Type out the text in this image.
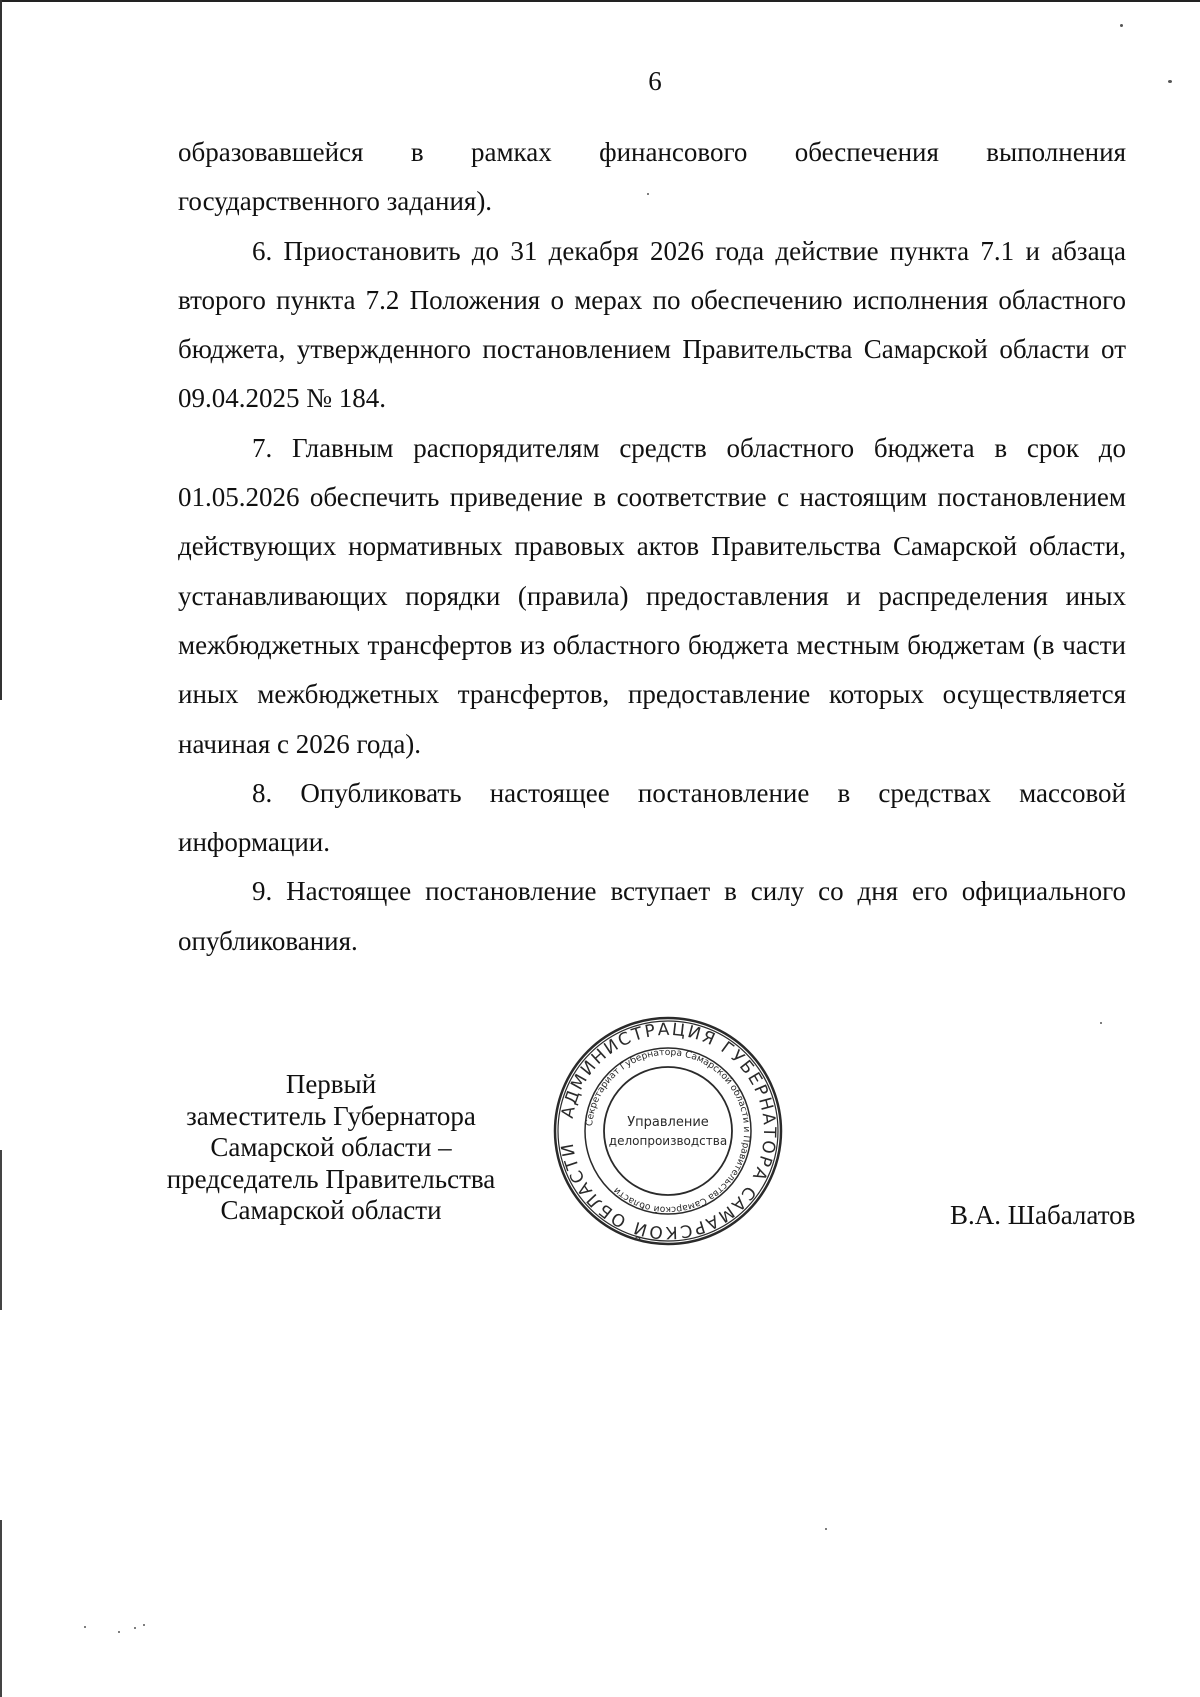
6

образовавшейся в рамках финансового обеспечения выполнения

государственного задания).

6. Приостановить до 31 декабря 2026 года действие пункта 7.1 и абзаца второго пункта 7.2 Положения о мерах по обеспечению исполнения областного бюджета, утвержденного постановлением Правительства Самарской области от 09.04.2025 № 184.

7. Главным распорядителям средств областного бюджета в срок до 01.05.2026 обеспечить приведение в соответствие с настоящим постановлением действующих нормативных правовых актов Правительства Самарской области, устанавливающих порядки (правила) предоставления и распределения иных межбюджетных трансфертов из областного бюджета местным бюджетам (в части иных межбюджетных трансфертов, предоставление которых осуществляется начиная с 2026 года).

8. Опубликовать настоящее постановление в средствах массовой информации.

9. Настоящее постановление вступает в силу со дня его официального опубликования.

Первый
заместитель Губернатора
Самарской области –
председатель Правительства
Самарской области
АДМИНИСТРАЦИЯ ГУБЕРНАТОРА САМАРСКОЙ ОБЛАСТИ
Секретариат Губернатора Самарской области и Правительства Самарской области
Управление
делопроизводства
В.А. Шабалатов
